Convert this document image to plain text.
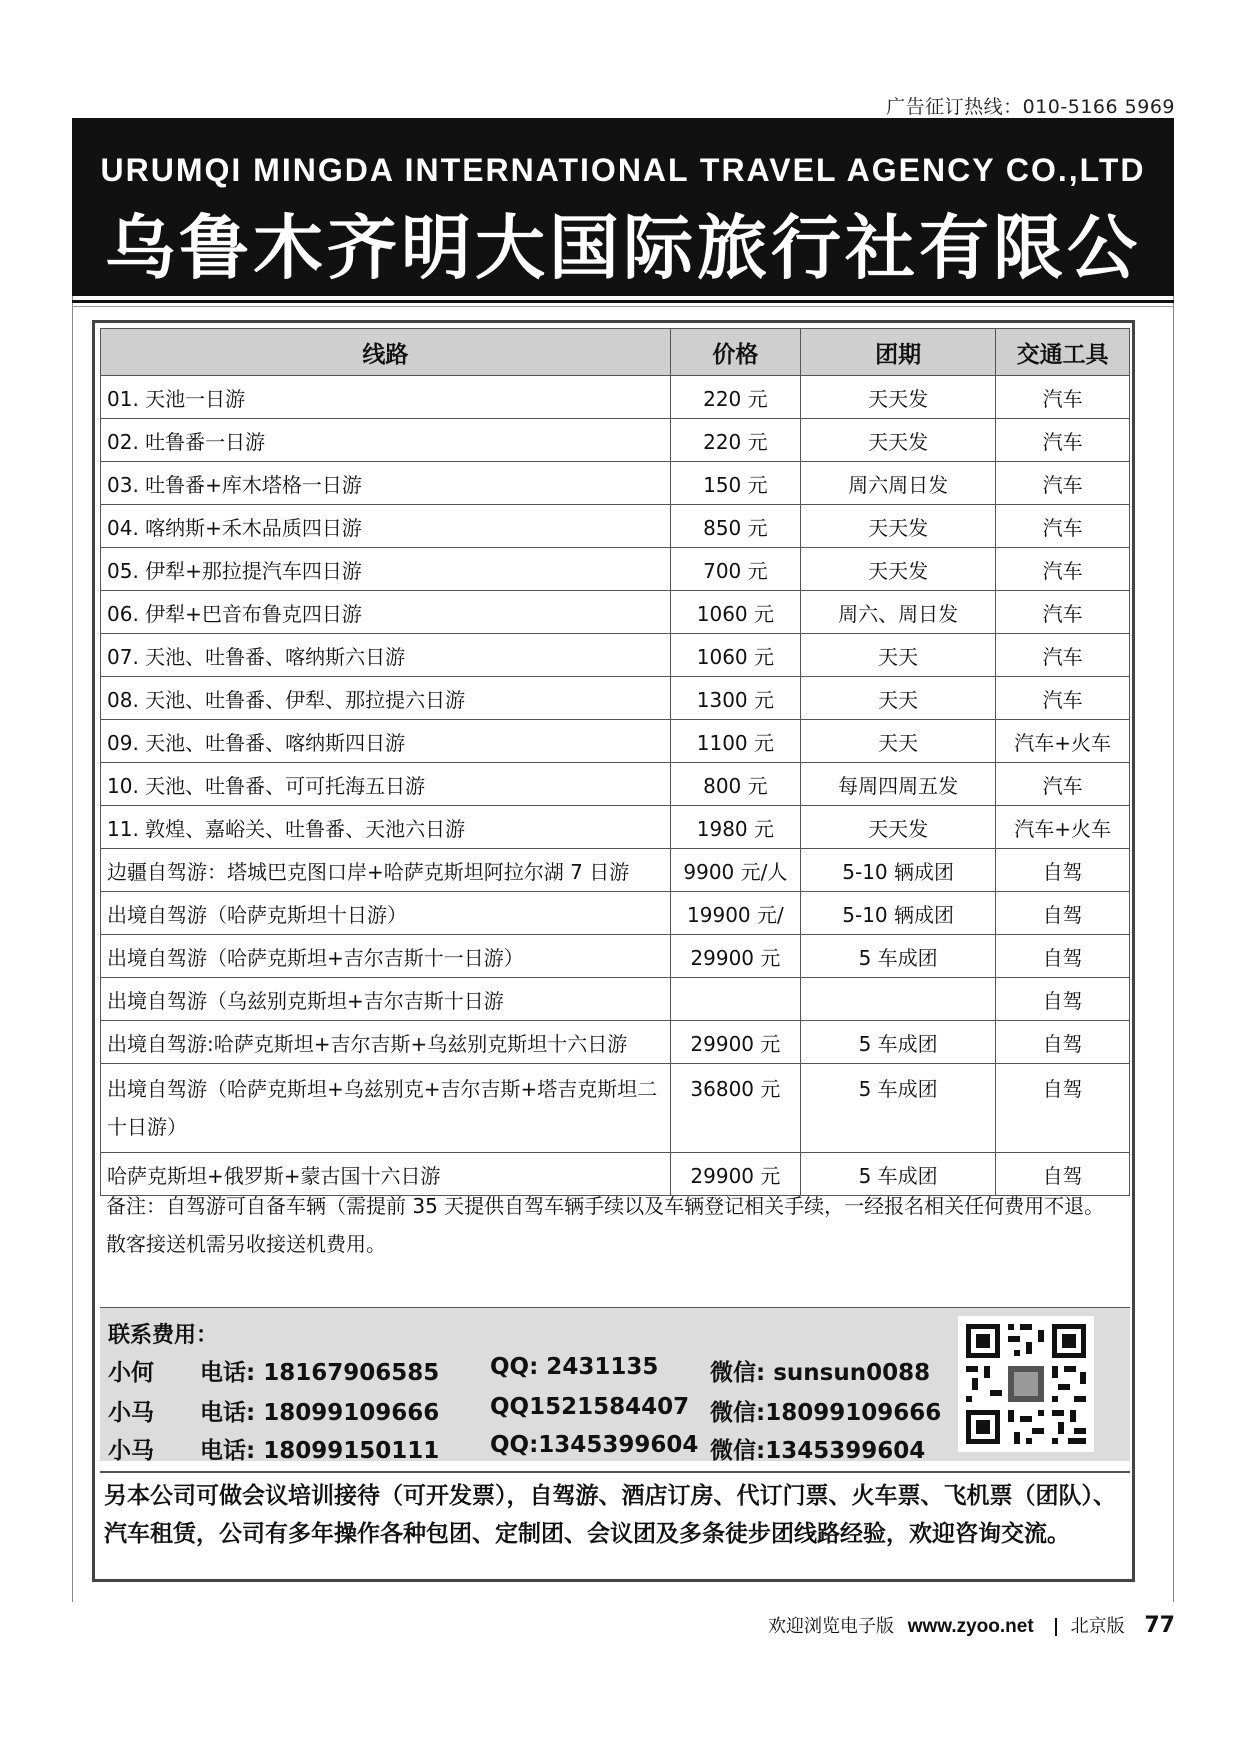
广告征订热线：010-5166 5969
URUMQI MINGDA INTERNATIONAL TRAVEL AGENCY CO.,LTD
乌鲁木齐明大国际旅行社有限公
线路	价格	团期	交通工具
01. 天池一日游	220 元	天天发	汽车
02. 吐鲁番一日游	220 元	天天发	汽车
03. 吐鲁番+库木塔格一日游	150 元	周六周日发	汽车
04. 喀纳斯+禾木品质四日游	850 元	天天发	汽车
05. 伊犁+那拉提汽车四日游	700 元	天天发	汽车
06. 伊犁+巴音布鲁克四日游	1060 元	周六、周日发	汽车
07. 天池、吐鲁番、喀纳斯六日游	1060 元	天天	汽车
08. 天池、吐鲁番、伊犁、那拉提六日游	1300 元	天天	汽车
09. 天池、吐鲁番、喀纳斯四日游	1100 元	天天	汽车+火车
10. 天池、吐鲁番、可可托海五日游	800 元	每周四周五发	汽车
11. 敦煌、嘉峪关、吐鲁番、天池六日游	1980 元	天天发	汽车+火车
边疆自驾游：塔城巴克图口岸+哈萨克斯坦阿拉尔湖 7 日游	9900 元/人	5-10 辆成团	自驾
出境自驾游（哈萨克斯坦十日游）	19900 元/	5-10 辆成团	自驾
出境自驾游（哈萨克斯坦+吉尔吉斯十一日游）	29900 元	5 车成团	自驾
出境自驾游（乌兹别克斯坦+吉尔吉斯十日游			自驾
出境自驾游:哈萨克斯坦+吉尔吉斯+乌兹别克斯坦十六日游	29900 元	5 车成团	自驾
出境自驾游（哈萨克斯坦+乌兹别克+吉尔吉斯+塔吉克斯坦二十日游）	36800 元	5 车成团	自驾
哈萨克斯坦+俄罗斯+蒙古国十六日游	29900 元	5 车成团	自驾
备注：自驾游可自备车辆（需提前 35 天提供自驾车辆手续以及车辆登记相关手续，一经报名相关任何费用不退。
散客接送机需另收接送机费用。
联系费用：
小何 电话: 18167906585 QQ: 2431135 微信: sunsun0088
小马 电话: 18099109666 QQ1521584407 微信:18099109666
小马 电话: 18099150111 QQ:1345399604 微信:1345399604
另本公司可做会议培训接待（可开发票），自驾游、酒店订房、代订门票、火车票、飞机票（团队）、汽车租赁，公司有多年操作各种包团、定制团、会议团及多条徒步团线路经验，欢迎咨询交流。
欢迎浏览电子版 www.zyoo.net 北京版 77
